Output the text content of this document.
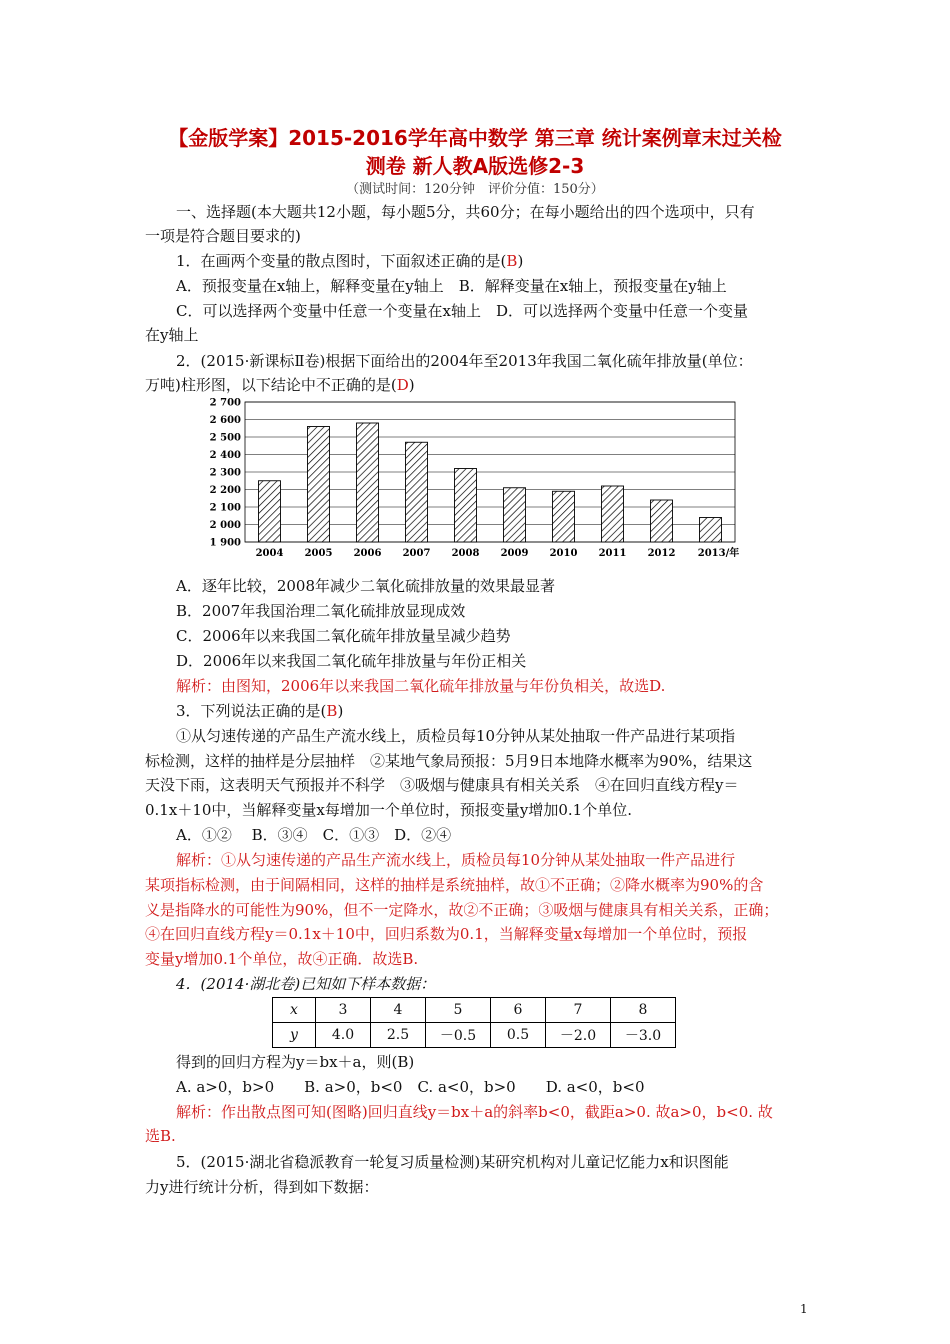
【金版学案】2015-2016学年高中数学 第三章 统计案例章末过关检
测卷 新人教A版选修2-3
（测试时间：120分钟　评价分值：150分）
一、选择题(本大题共12小题，每小题5分，共60分；在每小题给出的四个选项中，只有
一项是符合题目要求的)
1．在画两个变量的散点图时，下面叙述正确的是(B)
A．预报变量在x轴上，解释变量在y轴上　B．解释变量在x轴上，预报变量在y轴上
C．可以选择两个变量中任意一个变量在x轴上　D．可以选择两个变量中任意一个变量
在y轴上
2．(2015·新课标Ⅱ卷)根据下面给出的2004年至2013年我国二氧化硫年排放量(单位：
万吨)柱形图，以下结论中不正确的是(D)
1 900
2 000
2 100
2 200
2 300
2 400
2 500
2 600
2 700
2004 2005 2006 2007 2008 2009 2010 2011 2012 2013/年
A．逐年比较，2008年减少二氧化硫排放量的效果最显著
B．2007年我国治理二氧化硫排放显现成效
C．2006年以来我国二氧化硫年排放量呈减少趋势
D．2006年以来我国二氧化硫年排放量与年份正相关
解析：由图知，2006年以来我国二氧化硫年排放量与年份负相关，故选D.
3．下列说法正确的是(B)
①从匀速传递的产品生产流水线上，质检员每10分钟从某处抽取一件产品进行某项指
标检测，这样的抽样是分层抽样　②某地气象局预报：5月9日本地降水概率为90%，结果这
天没下雨，这表明天气预报并不科学　③吸烟与健康具有相关关系　④在回归直线方程y＝
0.1x＋10中，当解释变量x每增加一个单位时，预报变量y增加0.1个单位.
A．①②　 B．③④　C．①③　D．②④
解析：①从匀速传递的产品生产流水线上，质检员每10分钟从某处抽取一件产品进行
某项指标检测，由于间隔相同，这样的抽样是系统抽样，故①不正确；②降水概率为90%的含
义是指降水的可能性为90%，但不一定降水，故②不正确；③吸烟与健康具有相关关系，正确；
④在回归直线方程y＝0.1x＋10中，回归系数为0.1，当解释变量x每增加一个单位时，预报
变量y增加0.1个单位，故④正确．故选B.
4．(2014·湖北卷)已知如下样本数据：
x	3	4	5	6	7	8
y	4.0	2.5	－0.5	0.5	－2.0	－3.0
得到的回归方程为y＝bx＋a，则(B)
A. a>0，b>0　　B. a>0，b<0　C. a<0，b>0　　D. a<0，b<0
解析：作出散点图可知(图略)回归直线y＝bx＋a的斜率b<0，截距a>0. 故a>0，b<0. 故
选B.
5．(2015·湖北省稳派教育一轮复习质量检测)某研究机构对儿童记忆能力x和识图能
力y进行统计分析，得到如下数据：
1
